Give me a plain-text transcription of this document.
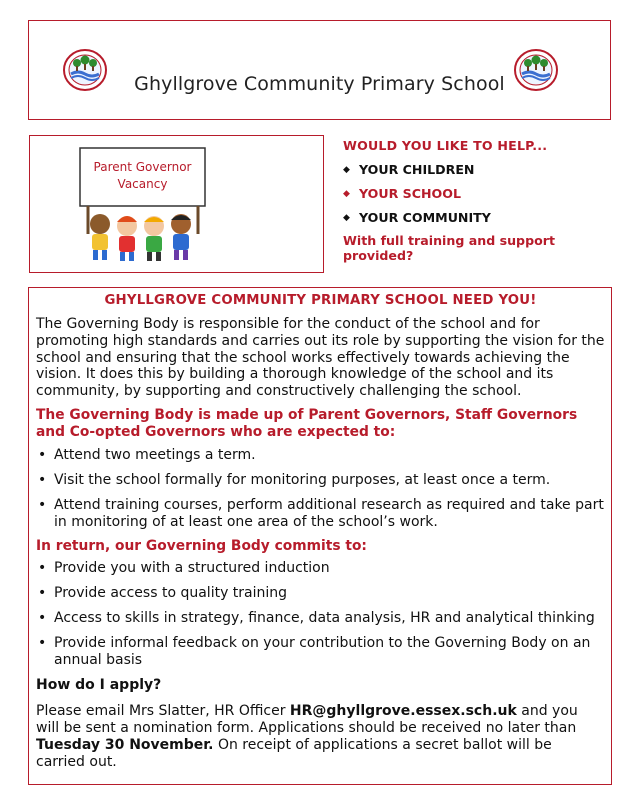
Ghyllgrove Community Primary School
Parent Governor
Vacancy
WOULD YOU LIKE TO HELP...
◆ YOUR CHILDREN
◆ YOUR SCHOOL
◆ YOUR COMMUNITY
With full training and support provided?
GHYLLGROVE COMMUNITY PRIMARY SCHOOL NEED YOU!

The Governing Body is responsible for the conduct of the school and for promoting high standards and carries out its role by supporting the vision for the school and ensuring that the school works effectively towards achieving the vision. It does this by building a thorough knowledge of the school and its community, by supporting and constructively challenging the school.

The Governing Body is made up of Parent Governors, Staff Governors and Co-opted Governors who are expected to:
• Attend two meetings a term.
• Visit the school formally for monitoring purposes, at least once a term.
• Attend training courses, perform additional research as required and take part in monitoring of at least one area of the school’s work.
In return, our Governing Body commits to:
• Provide you with a structured induction
• Provide access to quality training
• Access to skills in strategy, finance, data analysis, HR and analytical thinking
• Provide informal feedback on your contribution to the Governing Body on an annual basis
How do I apply?
Please email Mrs Slatter, HR Officer HR@ghyllgrove.essex.sch.uk and you will be sent a nomination form. Applications should be received no later than Tuesday 30 November. On receipt of applications a secret ballot will be carried out.
